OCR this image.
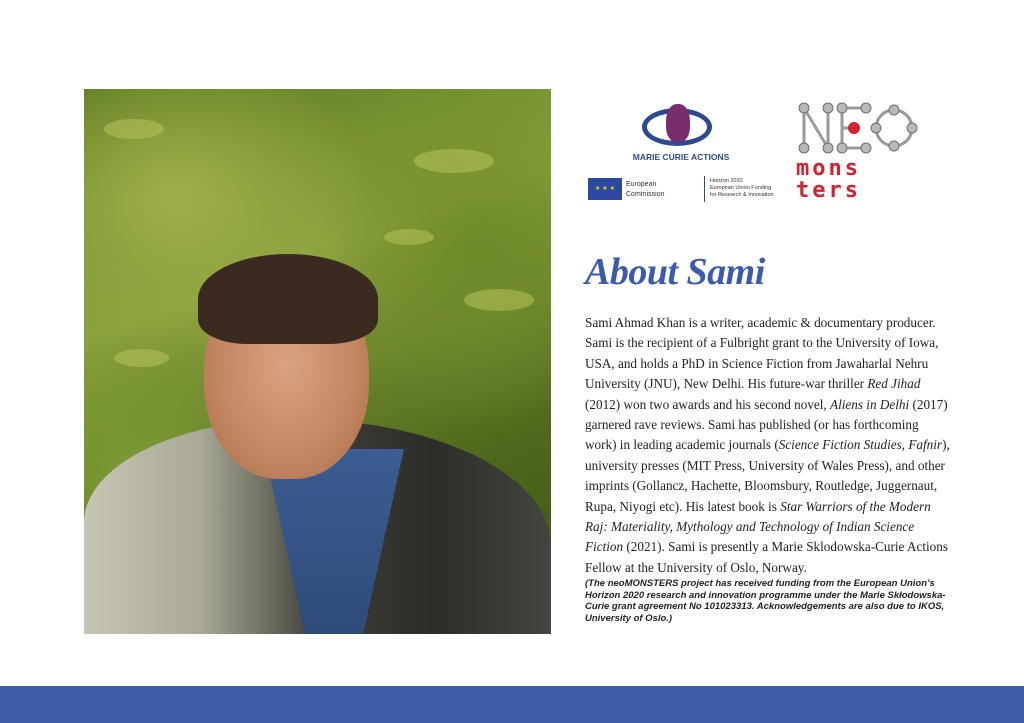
MARIE CURIE ACTIONS
★ ★ ★
European
Commission
Horizon 2020
European Union Funding
for Research & Innovation
mons
ters
About Sami
Sami Ahmad Khan is a writer, academic & documentary producer. Sami is the recipient of a Fulbright grant to the University of Iowa, USA, and holds a PhD in Science Fiction from Jawaharlal Nehru University (JNU), New Delhi. His future-war thriller Red Jihad (2012) won two awards and his second novel, Aliens in Delhi (2017) garnered rave reviews. Sami has published (or has forthcoming work) in leading academic journals (Science Fiction Studies, Fafnir), university presses (MIT Press, University of Wales Press), and other imprints (Gollancz, Hachette, Bloomsbury, Routledge, Juggernaut, Rupa, Niyogi etc). His latest book is Star Warriors of the Modern Raj: Materiality, Mythology and Technology of Indian Science Fiction (2021). Sami is presently a Marie Sklodowska-Curie Actions Fellow at the University of Oslo, Norway.
(The neoMONSTERS project has received funding from the European Union’s Horizon 2020 research and innovation programme under the Marie Skłodowska-Curie grant agreement No 101023313. Acknowledgements are also due to IKOS, University of Oslo.)
